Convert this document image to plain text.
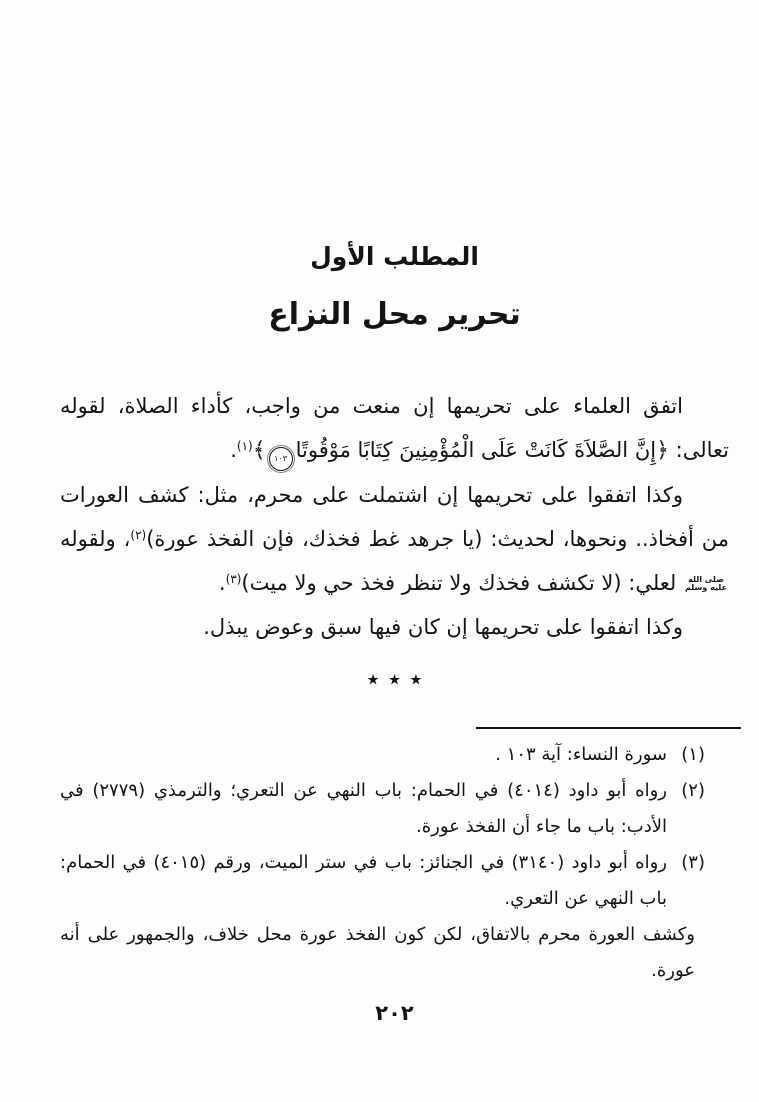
المطلب الأول
تحرير محل النزاع

اتفق العلماء على تحريمها إن منعت من واجب، كأداء الصلاة، لقوله تعالى: ﴿إِنَّ الصَّلاَةَ كَانَتْ عَلَى الْمُؤْمِنِينَ كِتَابًا مَوْقُوتًا١٠٣﴾$^{(١)}$.

وكذا اتفقوا على تحريمها إن اشتملت على محرم، مثل: كشف العورات من أفخاذ.. ونحوها، لحديث: (يا جرهد غط فخذك، فإن الفخذ عورة)$^{(٢)}$، ولقوله
صلى الله
عليه وسلم
لعلي: (لا تكشف فخذك ولا تنظر فخذ حي ولا ميت)$^{(٣)}$.

وكذا اتفقوا على تحريمها إن كان فيها سبق وعوض يبذل.

٭ ٭ ٭
(١)
سورة النساء: آية ١٠٣ .
(٢)
رواه أبو داود (٤٠١٤) في الحمام: باب النهي عن التعري؛ والترمذي (٢٧٧٩) في الأدب: باب ما جاء أن الفخذ عورة.
(٣)
رواه أبو داود (٣١٤٠) في الجنائز: باب في ستر الميت، ورقم (٤٠١٥) في الحمام: باب النهي عن التعري.
وكشف العورة محرم بالاتفاق، لكن كون الفخذ عورة محل خلاف، والجمهور على أنه عورة.
٢٠٢
